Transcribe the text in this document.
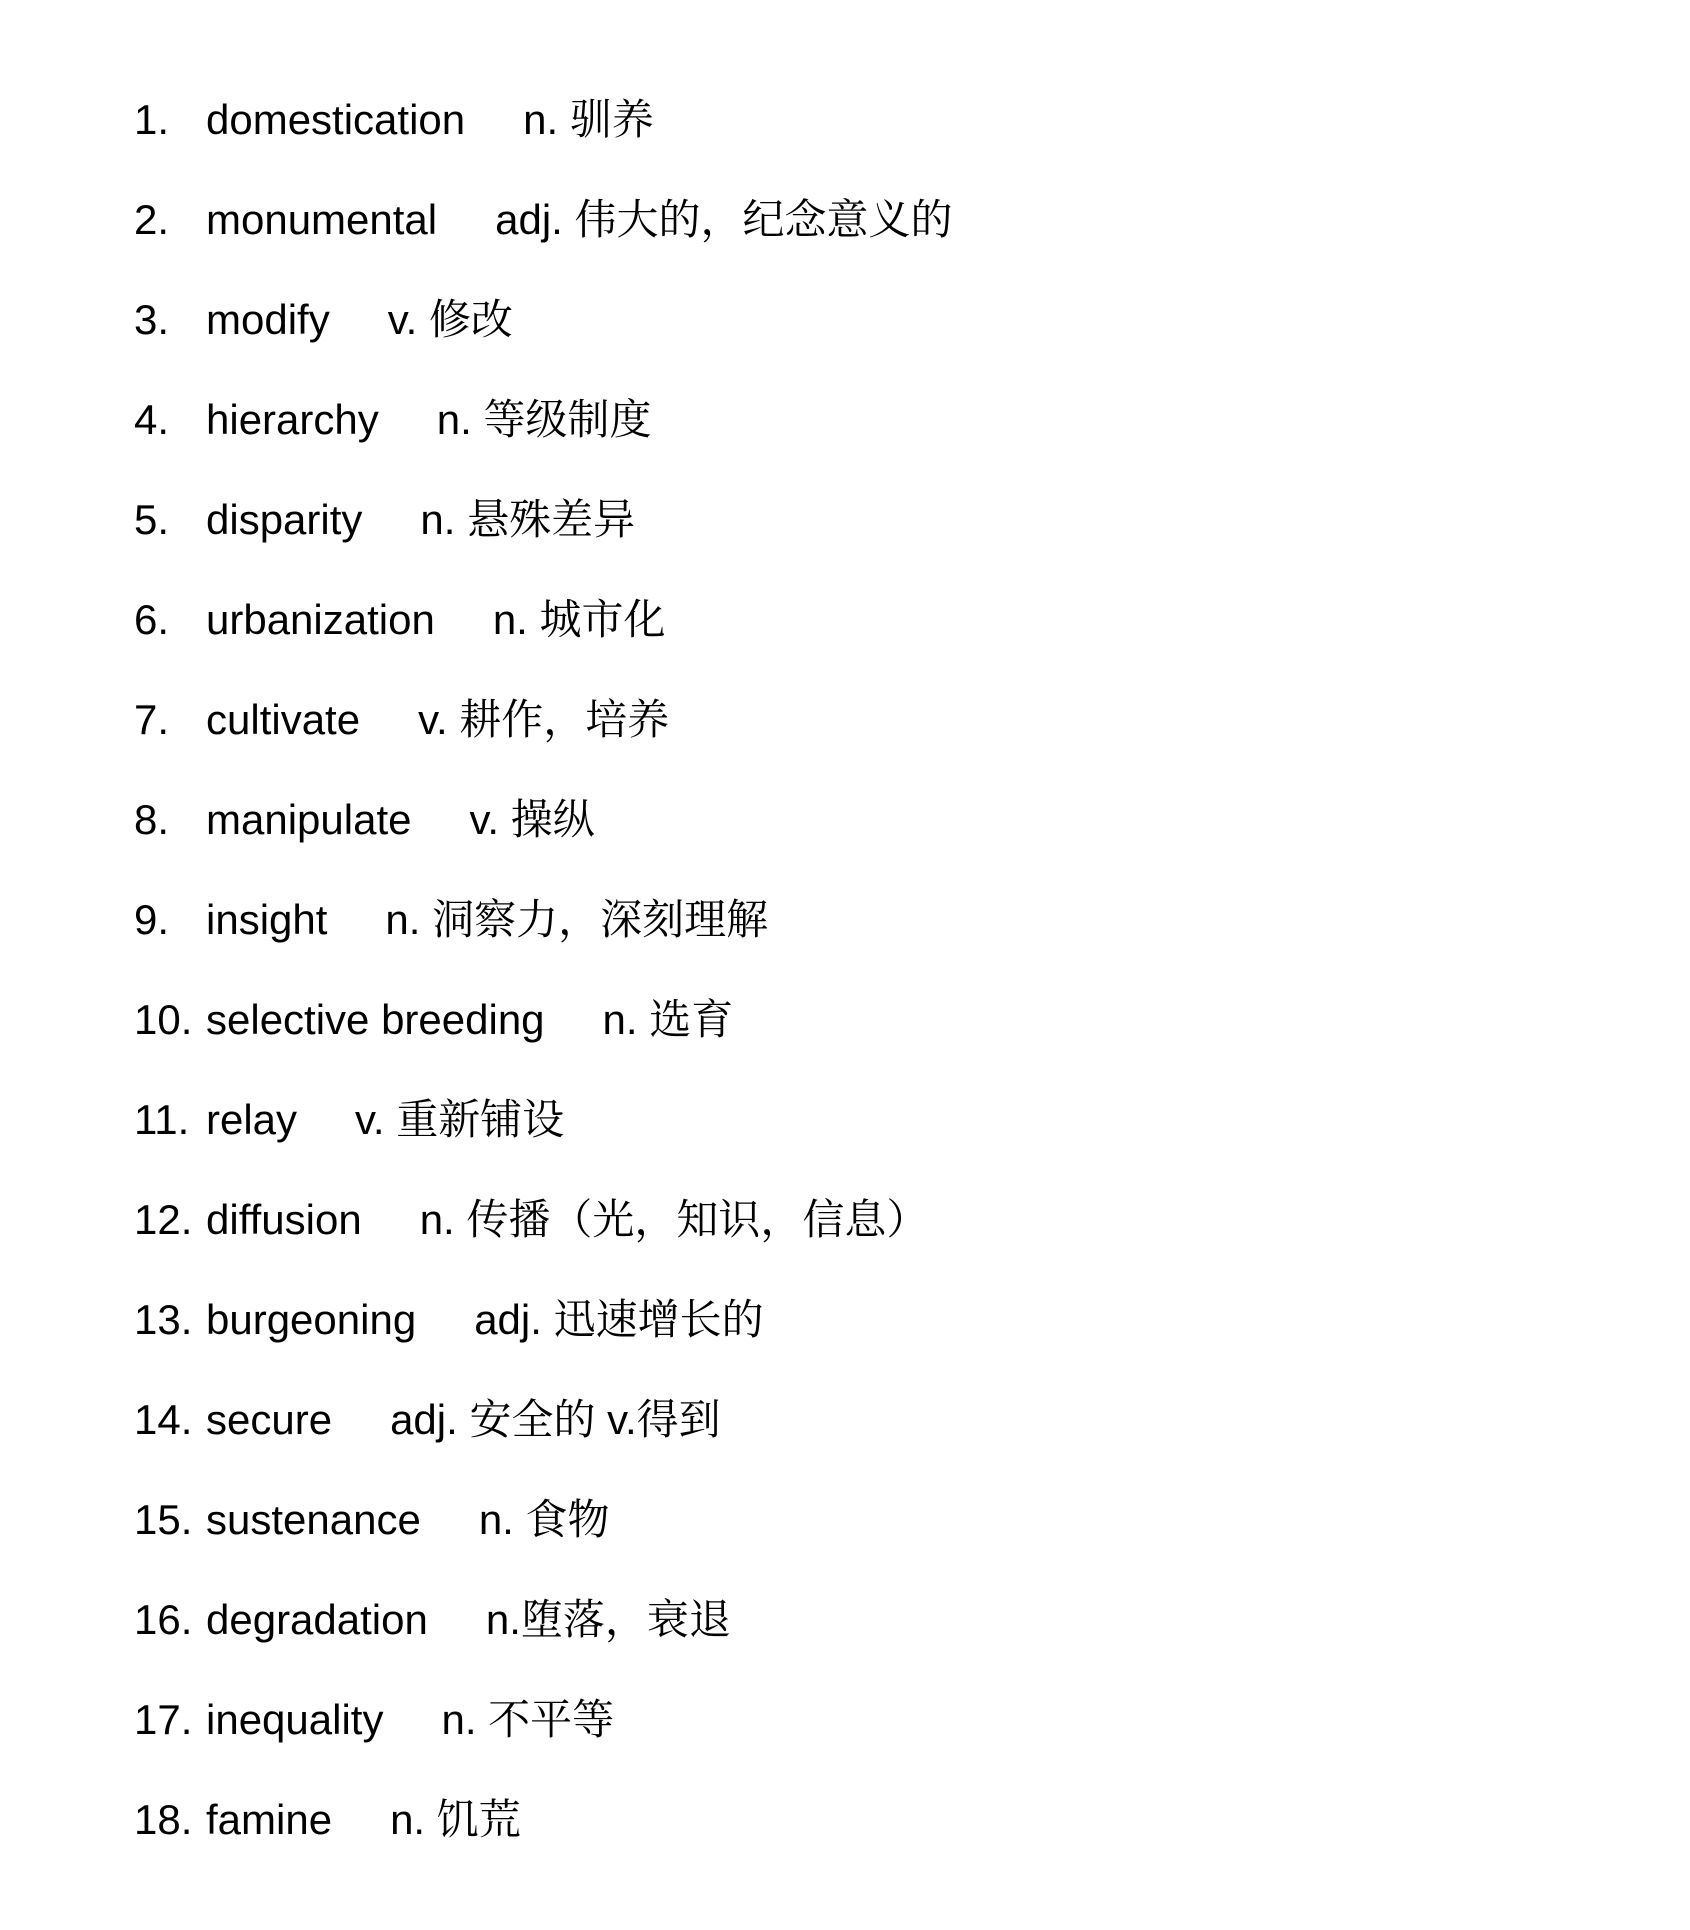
1. domestication n. 驯养
2. monumental adj. 伟大的，纪念意义的
3. modify v. 修改
4. hierarchy n. 等级制度
5. disparity n. 悬殊差异
6. urbanization n. 城市化
7. cultivate v. 耕作，培养
8. manipulate v. 操纵
9. insight n. 洞察力，深刻理解
10. selective breeding n. 选育
11. relay v. 重新铺设
12. diffusion n. 传播（光，知识，信息）
13. burgeoning adj. 迅速增长的
14. secure adj. 安全的 v.得到
15. sustenance n. 食物
16. degradation n.堕落，衰退
17. inequality n. 不平等
18. famine n. 饥荒
